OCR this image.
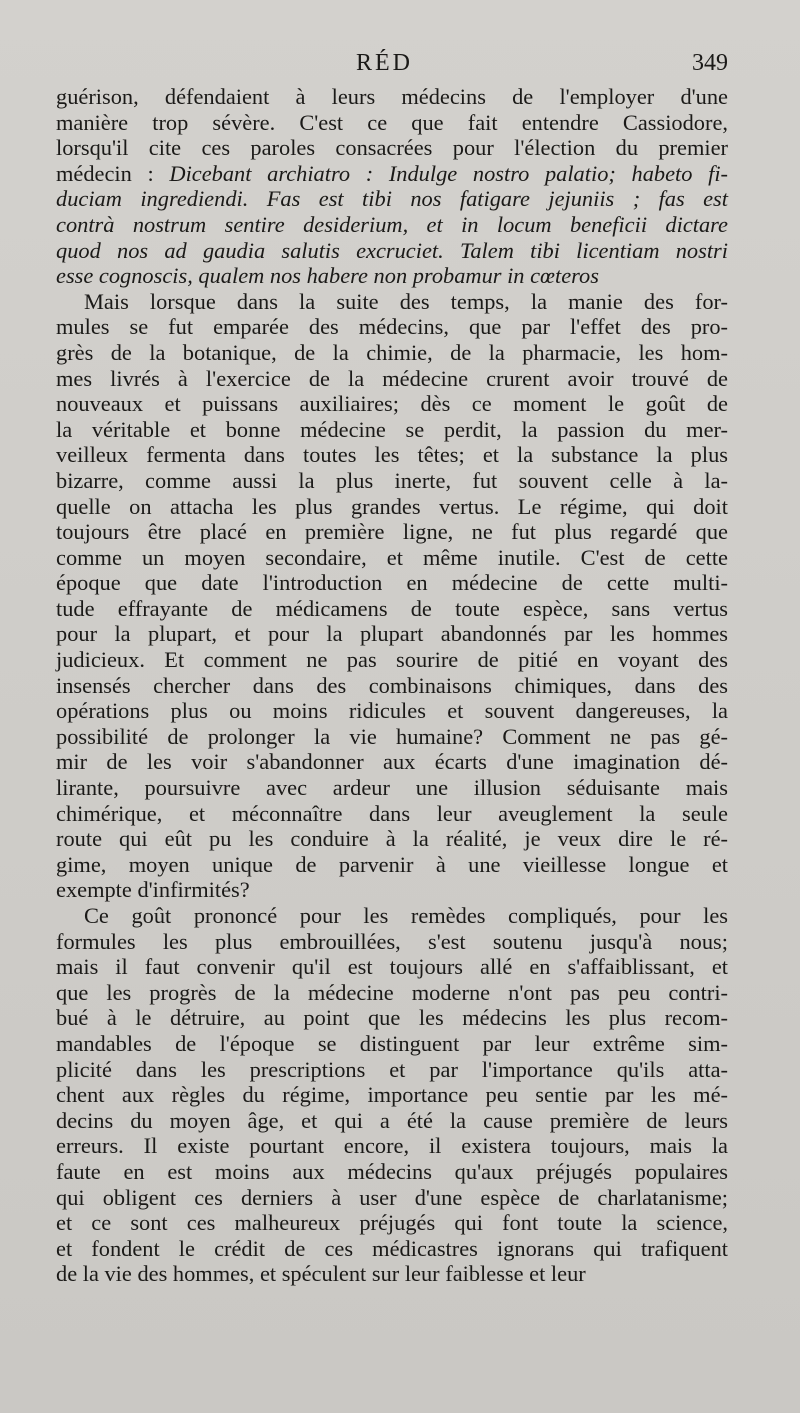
RÉD	349
guérison, défendaient à leurs médecins de l'employer d'une
manière trop sévère. C'est ce que fait entendre Cassiodore,
lorsqu'il cite ces paroles consacrées pour l'élection du premier
médecin : Dicebant archiatro : Indulge nostro palatio; habeto fi-
duciam ingrediendi. Fas est tibi nos fatigare jejuniis ; fas est
contrà nostrum sentire desiderium, et in locum beneficii dictare
quod nos ad gaudia salutis excruciet. Talem tibi licentiam nostri
esse cognoscis, qualem nos habere non probamur in cœteros
Mais lorsque dans la suite des temps, la manie des for-
mules se fut emparée des médecins, que par l'effet des pro-
grès de la botanique, de la chimie, de la pharmacie, les hom-
mes livrés à l'exercice de la médecine crurent avoir trouvé de
nouveaux et puissans auxiliaires; dès ce moment le goût de
la véritable et bonne médecine se perdit, la passion du mer-
veilleux fermenta dans toutes les têtes; et la substance la plus
bizarre, comme aussi la plus inerte, fut souvent celle à la-
quelle on attacha les plus grandes vertus. Le régime, qui doit
toujours être placé en première ligne, ne fut plus regardé que
comme un moyen secondaire, et même inutile. C'est de cette
époque que date l'introduction en médecine de cette multi-
tude effrayante de médicamens de toute espèce, sans vertus
pour la plupart, et pour la plupart abandonnés par les hommes
judicieux. Et comment ne pas sourire de pitié en voyant des
insensés chercher dans des combinaisons chimiques, dans des
opérations plus ou moins ridicules et souvent dangereuses, la
possibilité de prolonger la vie humaine? Comment ne pas gé-
mir de les voir s'abandonner aux écarts d'une imagination dé-
lirante, poursuivre avec ardeur une illusion séduisante mais
chimérique, et méconnaître dans leur aveuglement la seule
route qui eût pu les conduire à la réalité, je veux dire le ré-
gime, moyen unique de parvenir à une vieillesse longue et
exempte d'infirmités?
Ce goût prononcé pour les remèdes compliqués, pour les
formules les plus embrouillées, s'est soutenu jusqu'à nous;
mais il faut convenir qu'il est toujours allé en s'affaiblissant, et
que les progrès de la médecine moderne n'ont pas peu contri-
bué à le détruire, au point que les médecins les plus recom-
mandables de l'époque se distinguent par leur extrême sim-
plicité dans les prescriptions et par l'importance qu'ils atta-
chent aux règles du régime, importance peu sentie par les mé-
decins du moyen âge, et qui a été la cause première de leurs
erreurs. Il existe pourtant encore, il existera toujours, mais la
faute en est moins aux médecins qu'aux préjugés populaires
qui obligent ces derniers à user d'une espèce de charlatanisme;
et ce sont ces malheureux préjugés qui font toute la science,
et fondent le crédit de ces médicastres ignorans qui trafiquent
de la vie des hommes, et spéculent sur leur faiblesse et leur
